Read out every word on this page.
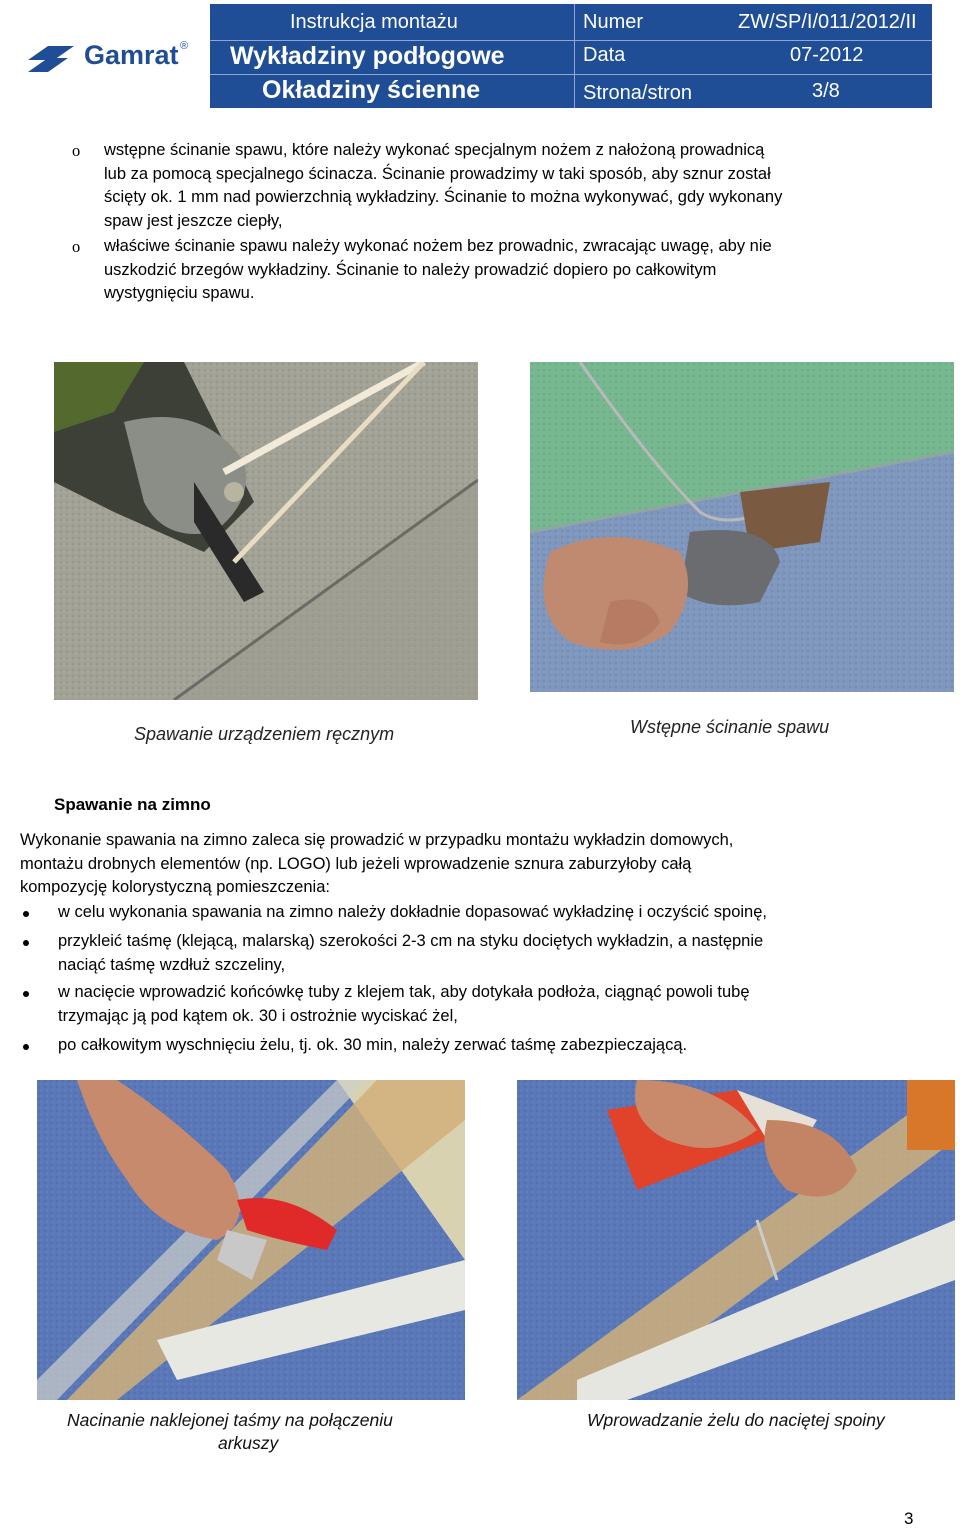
Gamrat ®
Instrukcja montażu
Wykładziny podłogowe
Okładziny ścienne
Numer	ZW/SP/I/011/2012/II
Data	07-2012
Strona/stron	3/8
o wstępne ścinanie spawu, które należy wykonać specjalnym nożem z nałożoną prowadnicą
lub za pomocą specjalnego ścinacza. Ścinanie prowadzimy w taki sposób, aby sznur został
ścięty ok. 1 mm nad powierzchnią wykładziny. Ścinanie to można wykonywać, gdy wykonany
spaw jest jeszcze ciepły,
o właściwe ścinanie spawu należy wykonać nożem bez prowadnic, zwracając uwagę, aby nie
uszkodzić brzegów wykładziny. Ścinanie to należy prowadzić dopiero po całkowitym
wystygnięciu spawu.
Spawanie urządzeniem ręcznym	Wstępne ścinanie spawu
Spawanie na zimno
Wykonanie spawania na zimno zaleca się prowadzić w przypadku montażu wykładzin domowych,
montażu drobnych elementów (np. LOGO) lub jeżeli wprowadzenie sznura zaburzyłoby całą
kompozycję kolorystyczną pomieszczenia:
w celu wykonania spawania na zimno należy dokładnie dopasować wykładzinę i oczyścić spoinę,
przykleić taśmę (klejącą, malarską) szerokości 2-3 cm na styku dociętych wykładzin, a następnie
naciąć taśmę wzdłuż szczeliny,
w nacięcie wprowadzić końcówkę tuby z klejem tak, aby dotykała podłoża, ciągnąć powoli tubę
trzymając ją pod kątem ok. 30 i ostrożnie wyciskać żel,
po całkowitym wyschnięciu żelu, tj. ok. 30 min, należy zerwać taśmę zabezpieczającą.
Nacinanie naklejonej taśmy na połączeniu
arkuszy
Wprowadzanie żelu do naciętej spoiny
3
